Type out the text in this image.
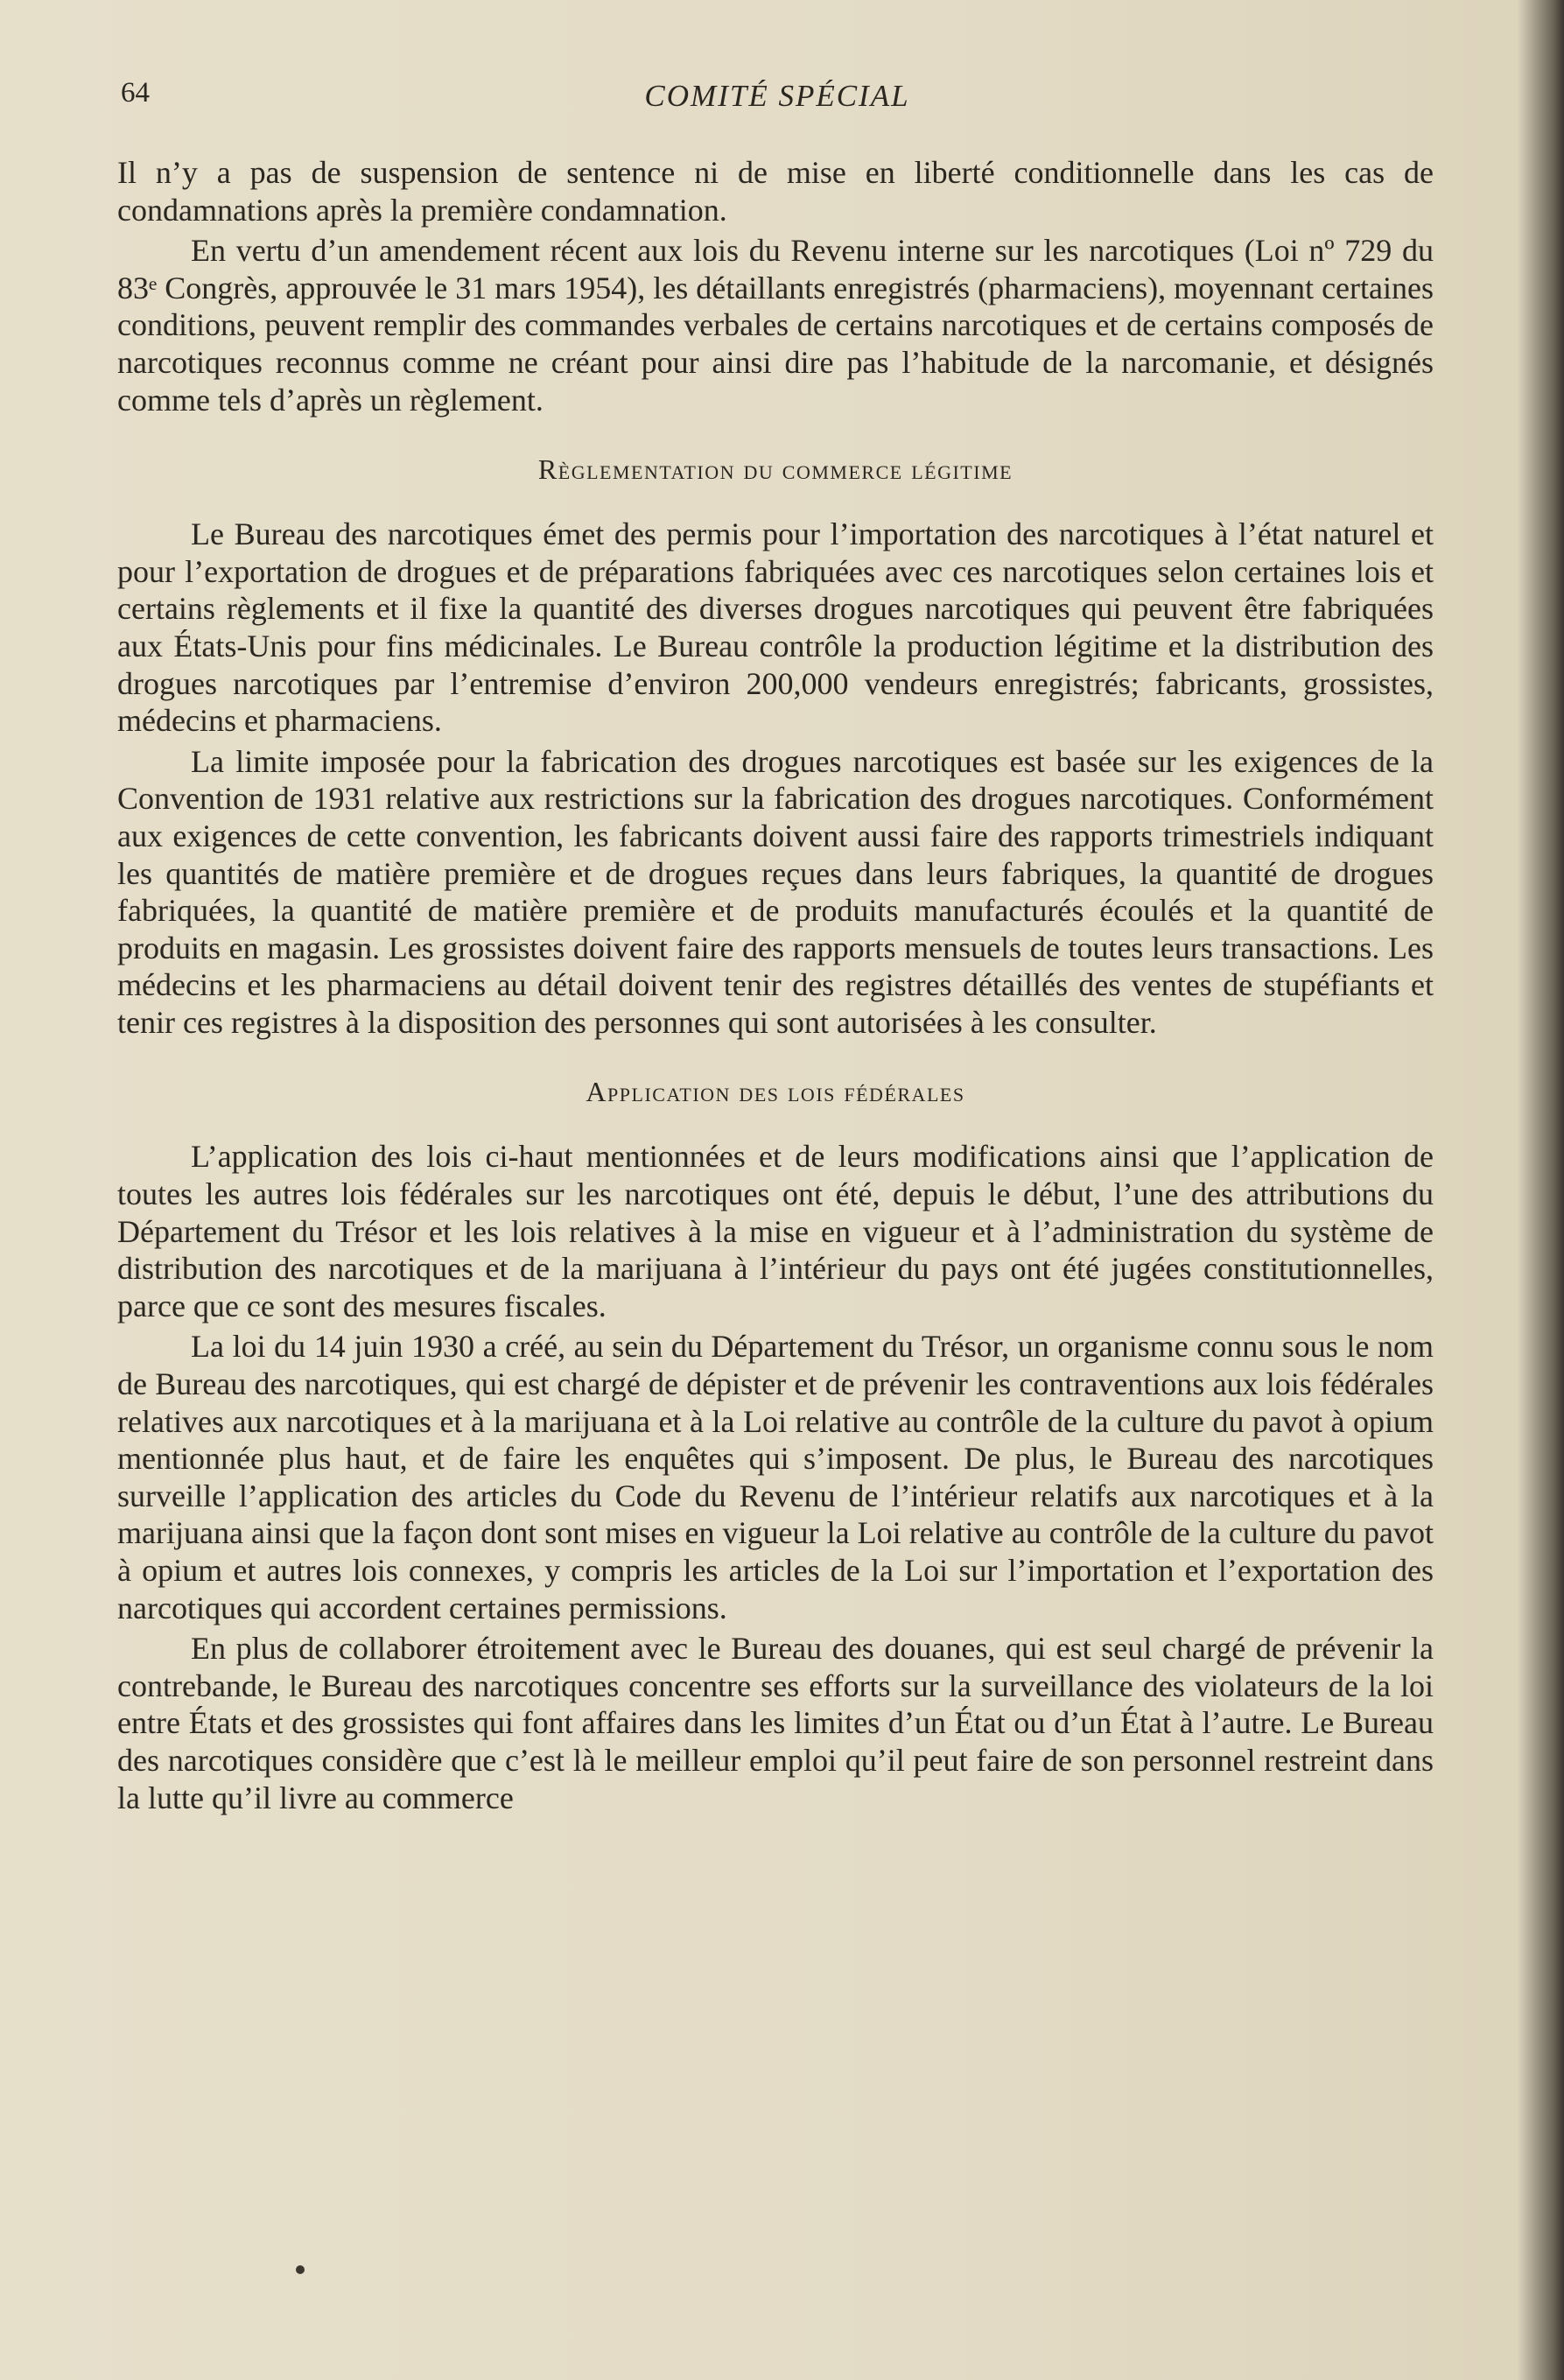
64	COMITÉ SPÉCIAL

Il n’y a pas de suspension de sentence ni de mise en liberté conditionnelle dans les cas de condamnations après la première condamnation.

En vertu d’un amendement récent aux lois du Revenu interne sur les narcotiques (Loi nº 729 du 83ᵉ Congrès, approuvée le 31 mars 1954), les détaillants enregistrés (pharmaciens), moyennant certaines conditions, peuvent remplir des commandes verbales de certains narcotiques et de certains composés de narcotiques reconnus comme ne créant pour ainsi dire pas l’habitude de la narcomanie, et désignés comme tels d’après un règlement.

Règlementation du commerce légitime

Le Bureau des narcotiques émet des permis pour l’importation des narcotiques à l’état naturel et pour l’exportation de drogues et de préparations fabriquées avec ces narcotiques selon certaines lois et certains règlements et il fixe la quantité des diverses drogues narcotiques qui peuvent être fabriquées aux États-Unis pour fins médicinales. Le Bureau contrôle la production légitime et la distribution des drogues narcotiques par l’entremise d’environ 200,000 vendeurs enregistrés; fabricants, grossistes, médecins et pharmaciens.

La limite imposée pour la fabrication des drogues narcotiques est basée sur les exigences de la Convention de 1931 relative aux restrictions sur la fabrication des drogues narcotiques. Conformément aux exigences de cette convention, les fabricants doivent aussi faire des rapports trimestriels indiquant les quantités de matière première et de drogues reçues dans leurs fabriques, la quantité de drogues fabriquées, la quantité de matière première et de produits manufacturés écoulés et la quantité de produits en magasin. Les grossistes doivent faire des rapports mensuels de toutes leurs transactions. Les médecins et les pharmaciens au détail doivent tenir des registres détaillés des ventes de stupéfiants et tenir ces registres à la disposition des personnes qui sont autorisées à les consulter.

Application des lois fédérales

L’application des lois ci-haut mentionnées et de leurs modifications ainsi que l’application de toutes les autres lois fédérales sur les narcotiques ont été, depuis le début, l’une des attributions du Département du Trésor et les lois relatives à la mise en vigueur et à l’administration du système de distribution des narcotiques et de la marijuana à l’intérieur du pays ont été jugées constitutionnelles, parce que ce sont des mesures fiscales.

La loi du 14 juin 1930 a créé, au sein du Département du Trésor, un organisme connu sous le nom de Bureau des narcotiques, qui est chargé de dépister et de prévenir les contraventions aux lois fédérales relatives aux narcotiques et à la marijuana et à la Loi relative au contrôle de la culture du pavot à opium mentionnée plus haut, et de faire les enquêtes qui s’imposent. De plus, le Bureau des narcotiques surveille l’application des articles du Code du Revenu de l’intérieur relatifs aux narcotiques et à la marijuana ainsi que la façon dont sont mises en vigueur la Loi relative au contrôle de la culture du pavot à opium et autres lois connexes, y compris les articles de la Loi sur l’importation et l’exportation des narcotiques qui accordent certaines permissions.

En plus de collaborer étroitement avec le Bureau des douanes, qui est seul chargé de prévenir la contrebande, le Bureau des narcotiques concentre ses efforts sur la surveillance des violateurs de la loi entre États et des grossistes qui font affaires dans les limites d’un État ou d’un État à l’autre. Le Bureau des narcotiques considère que c’est là le meilleur emploi qu’il peut faire de son personnel restreint dans la lutte qu’il livre au commerce
